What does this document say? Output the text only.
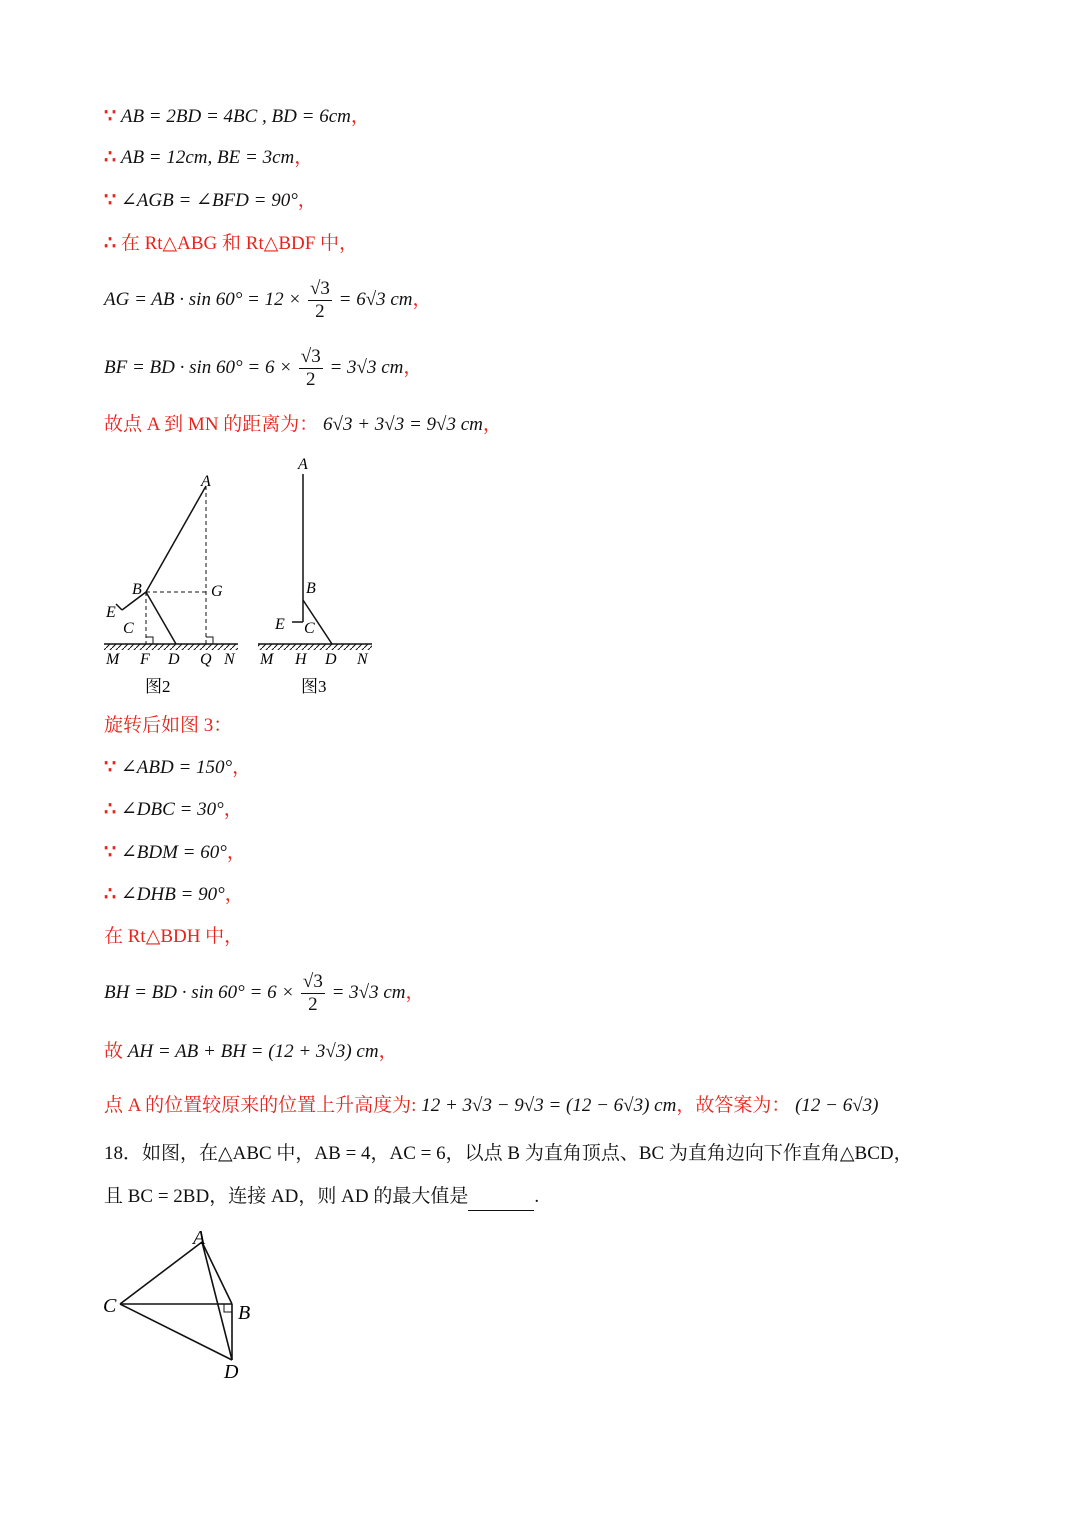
∵ AB = 2BD = 4BC , BD = 6cm，
∴ AB = 12cm, BE = 3cm，
∵ ∠AGB = ∠BFD = 90°，
∴ 在 Rt△ABG 和 Rt△BDF 中，
AG = AB · $\sin 60^\circ = 12 \times \frac{√3}{2} = 6√3$ cm，
BF = BD · $\sin 60^\circ = 6 \times \frac{√3}{2} = 3√3$ cm，
故点 A 到 MN 的距离为： 6√3 + 3√3 = 9√3 cm，
A
B	G
E
C
M F D Q N
图2
A
B
E C
M H D N
图3
旋转后如图 3：
∵ ∠ABD = 150°，
∴ ∠DBC = 30°，
∵ ∠BDM = 60°，
∴ ∠DHB = 90°，
在 Rt△BDH 中，
BH = BD · $\sin 60^\circ = 6 \times \frac{√3}{2} = 3√3$ cm，
故 AH = AB + BH = (12 + 3√3) cm，
点 A 的位置较原来的位置上升高度为: 12 + 3√3 − 9√3 = (12 − 6√3) cm，故答案为： (12 − 6√3)
18．如图，在△ABC 中，AB = 4，AC = 6，以点 B 为直角顶点、BC 为直角边向下作直角△BCD，
且 BC = 2BD，连接 AD，则 AD 的最大值是	.
A
B
C
D
